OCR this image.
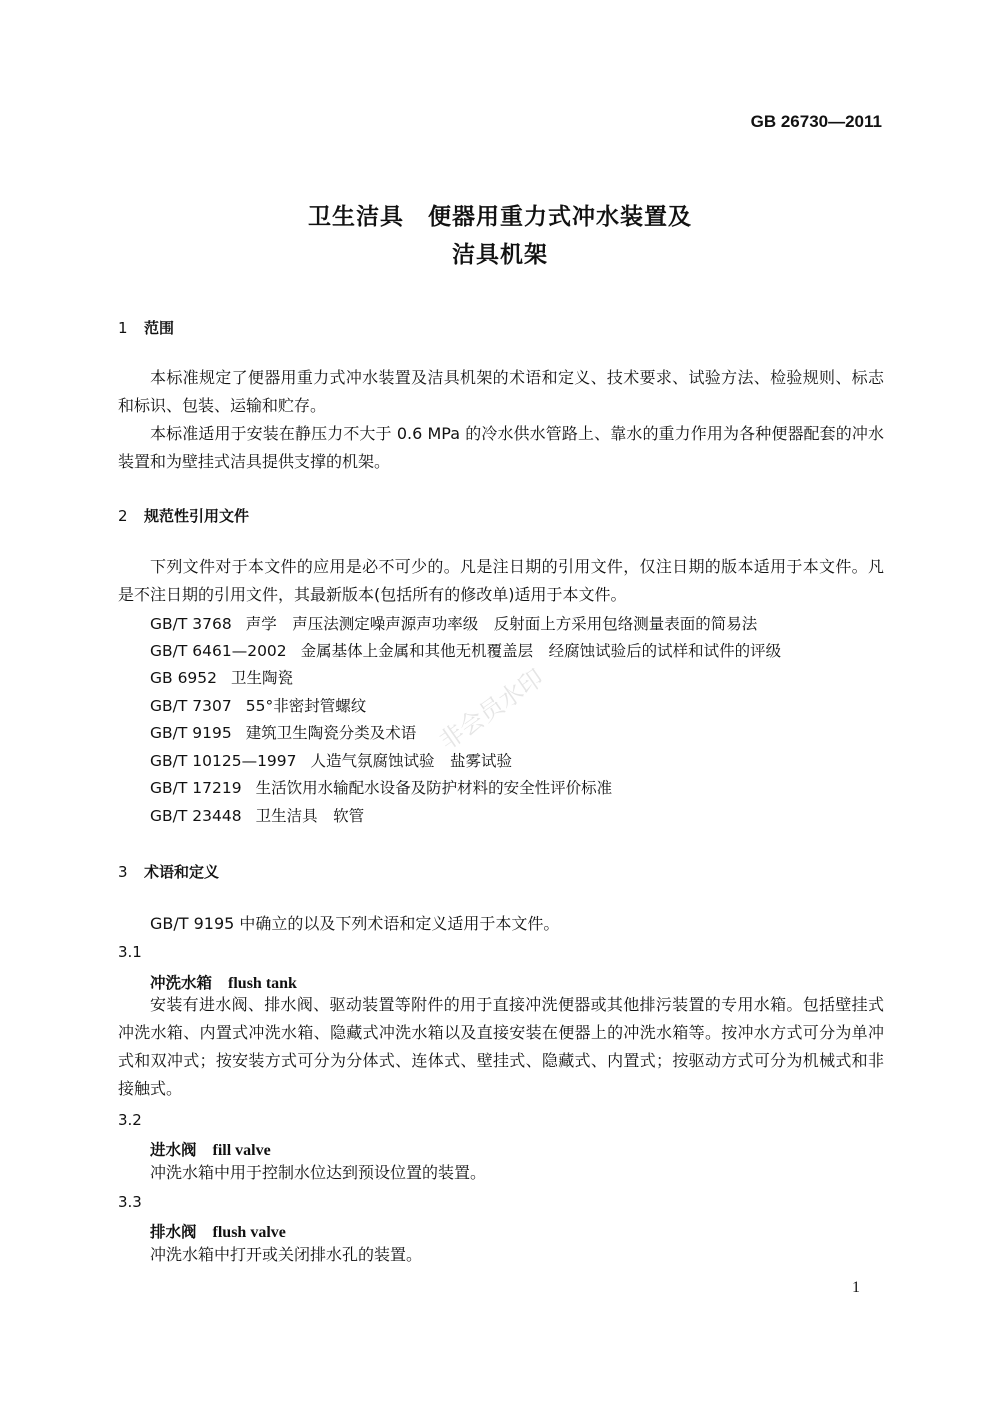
GB 26730—2011
卫生洁具　便器用重力式冲水装置及
洁具机架
非会员水印
1 范围
本标准规定了便器用重力式冲水装置及洁具机架的术语和定义、技术要求、试验方法、检验规则、标志和标识、包装、运输和贮存。
本标准适用于安装在静压力不大于 0.6 MPa 的冷水供水管路上、靠水的重力作用为各种便器配套的冲水装置和为壁挂式洁具提供支撑的机架。
2 规范性引用文件
下列文件对于本文件的应用是必不可少的。凡是注日期的引用文件，仅注日期的版本适用于本文件。凡是不注日期的引用文件，其最新版本(包括所有的修改单)适用于本文件。
GB/T 3768 声学　声压法测定噪声源声功率级　反射面上方采用包络测量表面的简易法
GB/T 6461—2002 金属基体上金属和其他无机覆盖层　经腐蚀试验后的试样和试件的评级
GB 6952 卫生陶瓷
GB/T 7307 55°非密封管螺纹
GB/T 9195 建筑卫生陶瓷分类及术语
GB/T 10125—1997 人造气氛腐蚀试验　盐雾试验
GB/T 17219 生活饮用水输配水设备及防护材料的安全性评价标准
GB/T 23448 卫生洁具　软管
3 术语和定义
GB/T 9195 中确立的以及下列术语和定义适用于本文件。
3.1
冲洗水箱 flush tank
安装有进水阀、排水阀、驱动装置等附件的用于直接冲洗便器或其他排污装置的专用水箱。包括壁挂式冲洗水箱、内置式冲洗水箱、隐藏式冲洗水箱以及直接安装在便器上的冲洗水箱等。按冲水方式可分为单冲式和双冲式；按安装方式可分为分体式、连体式、壁挂式、隐藏式、内置式；按驱动方式可分为机械式和非接触式。
3.2
进水阀 fill valve
冲洗水箱中用于控制水位达到预设位置的装置。
3.3
排水阀 flush valve
冲洗水箱中打开或关闭排水孔的装置。
1
